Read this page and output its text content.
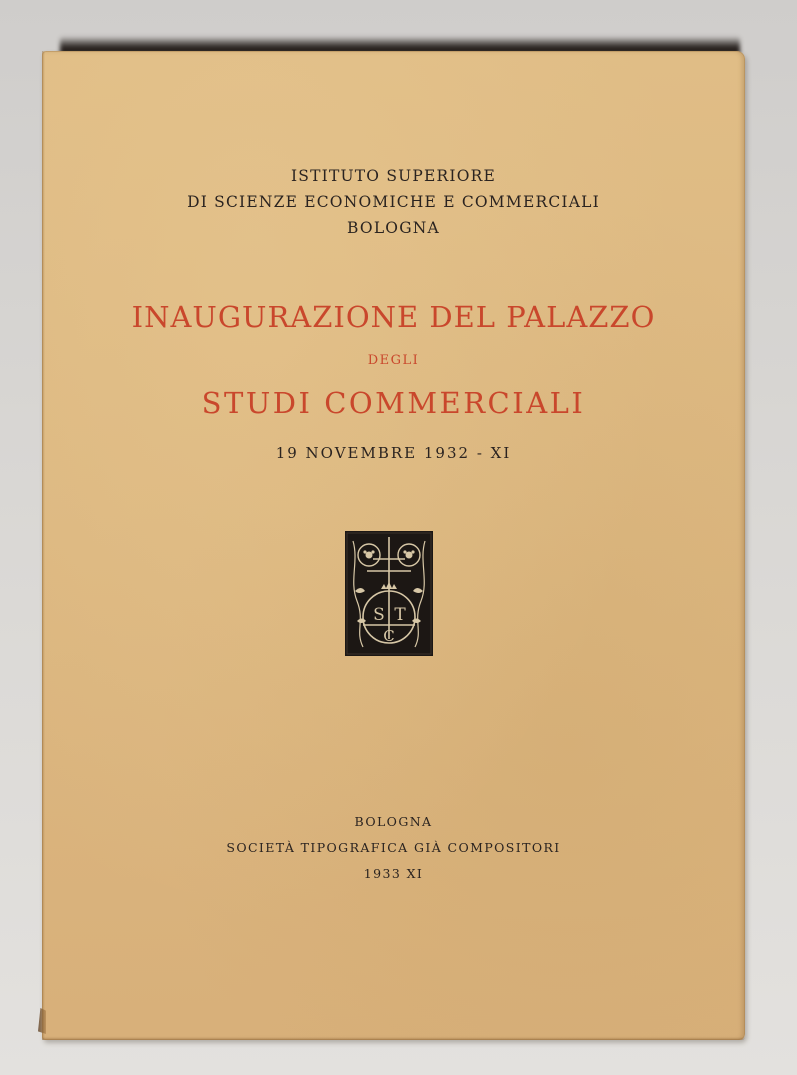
ISTITUTO SUPERIORE
DI SCIENZE ECONOMICHE E COMMERCIALI
BOLOGNA
INAUGURAZIONE DEL PALAZZO
DEGLI
STUDI COMMERCIALI
19 NOVEMBRE 1932 - XI
S T
C
BOLOGNA
SOCIETÀ TIPOGRAFICA GIÀ COMPOSITORI
1933 XI
